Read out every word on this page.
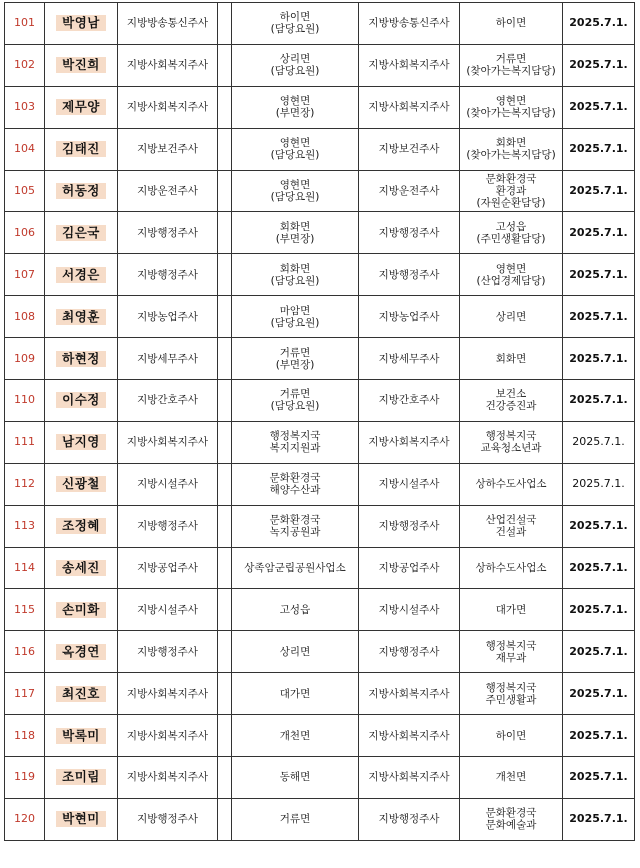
101	박영남	지방방송통신주사		하이면
(담당요원)	지방방송통신주사	하이면	2025.7.1.
102	박진희	지방사회복지주사		상리면
(담당요원)	지방사회복지주사	거류면
(찾아가는복지담당)	2025.7.1.
103	제무양	지방사회복지주사		영현면
(부면장)	지방사회복지주사	영현면
(찾아가는복지담당)	2025.7.1.
104	김태진	지방보건주사		영현면
(담당요원)	지방보건주사	회화면
(찾아가는복지담당)	2025.7.1.
105	허동정	지방운전주사		영현면
(담당요원)	지방운전주사	문화환경국
환경과
(자원순환담당)	2025.7.1.
106	김은국	지방행정주사		회화면
(부면장)	지방행정주사	고성읍
(주민생활담당)	2025.7.1.
107	서경은	지방행정주사		회화면
(담당요원)	지방행정주사	영현면
(산업경제담당)	2025.7.1.
108	최영훈	지방농업주사		마암면
(담당요원)	지방농업주사	상리면	2025.7.1.
109	하현정	지방세무주사		거류면
(부면장)	지방세무주사	회화면	2025.7.1.
110	이수정	지방간호주사		거류면
(담당요원)	지방간호주사	보건소
건강증진과	2025.7.1.
111	남지영	지방사회복지주사		행정복지국
복지지원과	지방사회복지주사	행정복지국
교육청소년과	2025.7.1.
112	신광철	지방시설주사		문화환경국
해양수산과	지방시설주사	상하수도사업소	2025.7.1.
113	조정혜	지방행정주사		문화환경국
녹지공원과	지방행정주사	산업건설국
건설과	2025.7.1.
114	송세진	지방공업주사		상족암군립공원사업소	지방공업주사	상하수도사업소	2025.7.1.
115	손미화	지방시설주사		고성읍	지방시설주사	대가면	2025.7.1.
116	옥경연	지방행정주사		상리면	지방행정주사	행정복지국
재무과	2025.7.1.
117	최진호	지방사회복지주사		대가면	지방사회복지주사	행정복지국
주민생활과	2025.7.1.
118	박록미	지방사회복지주사		개천면	지방사회복지주사	하이면	2025.7.1.
119	조미림	지방사회복지주사		동해면	지방사회복지주사	개천면	2025.7.1.
120	박현미	지방행정주사		거류면	지방행정주사	문화환경국
문화예술과	2025.7.1.
